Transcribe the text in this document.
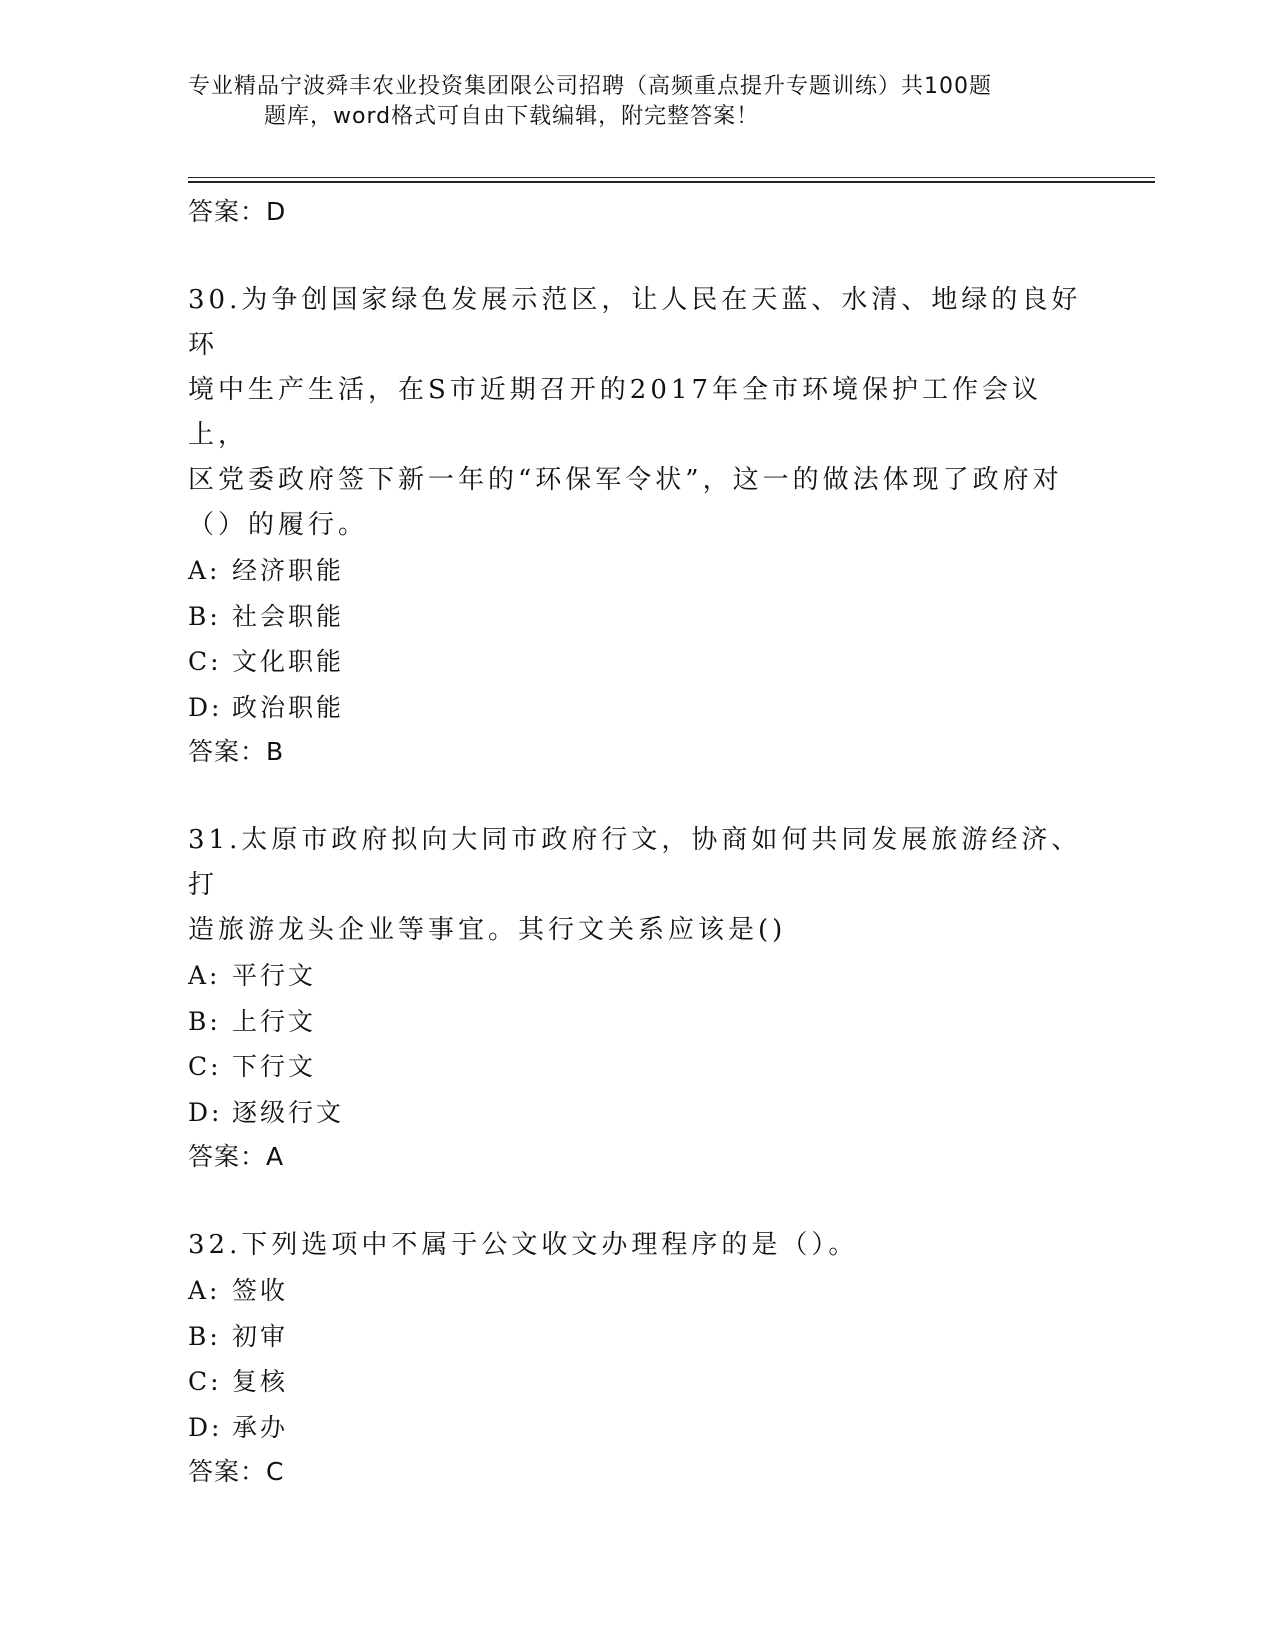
专业精品宁波舜丰农业投资集团限公司招聘（高频重点提升专题训练）共100题
题库，word格式可自由下载编辑，附完整答案！

答案：D

30.为争创国家绿色发展示范区，让人民在天蓝、水清、地绿的良好环

境中生产生活，在S市近期召开的2017年全市环境保护工作会议上，

区党委政府签下新一年的“环保军令状”，这一的做法体现了政府对

（）的履行。

A: 经济职能

B: 社会职能

C: 文化职能

D: 政治职能

答案：B

31.太原市政府拟向大同市政府行文，协商如何共同发展旅游经济、打

造旅游龙头企业等事宜。其行文关系应该是()

A: 平行文

B: 上行文

C: 下行文

D: 逐级行文

答案：A

32.下列选项中不属于公文收文办理程序的是（）。

A: 签收

B: 初审

C: 复核

D: 承办

答案：C
